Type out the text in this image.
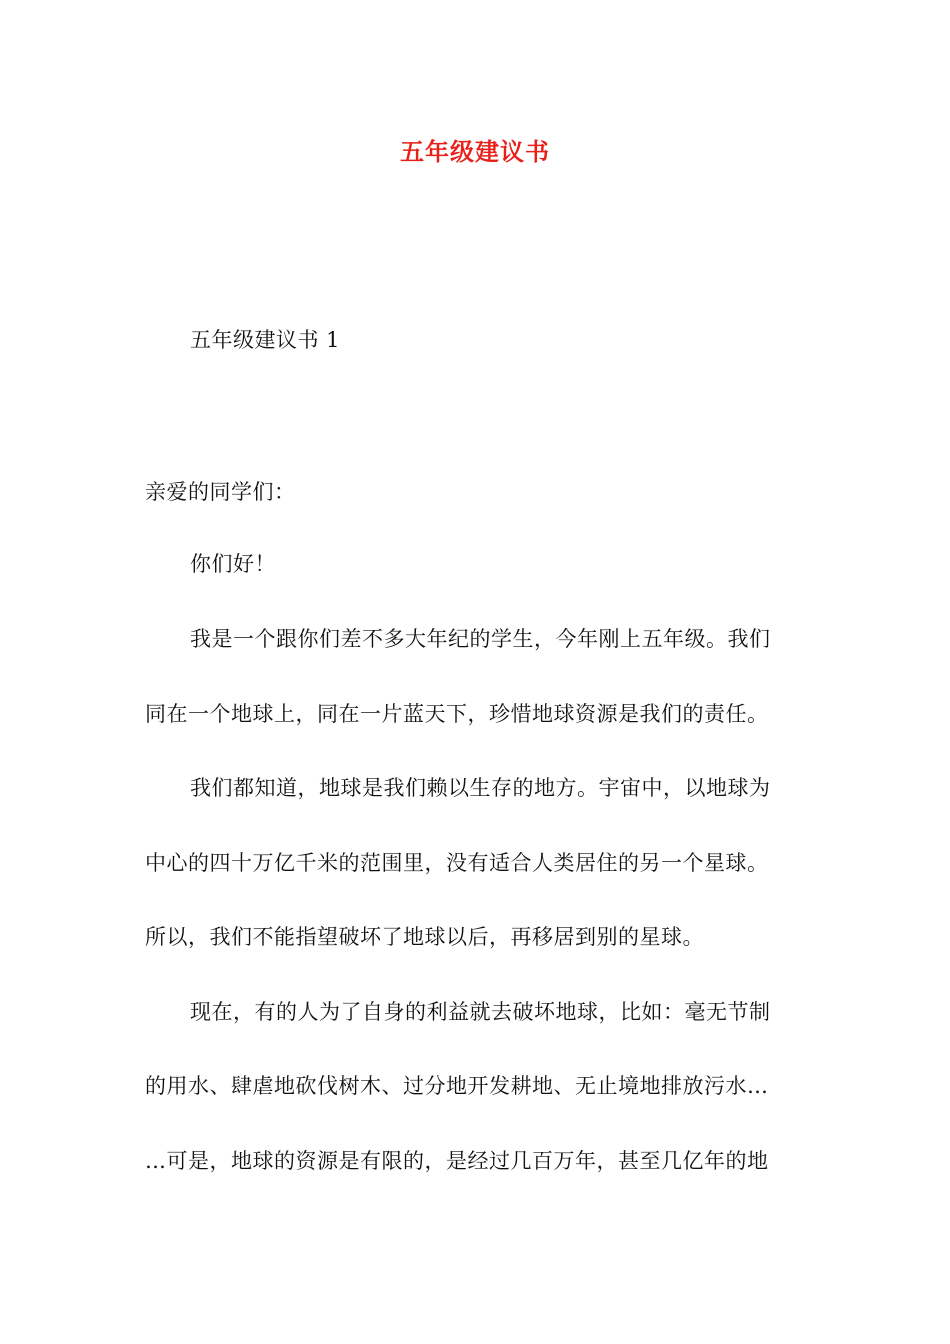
五年级建议书
五年级建议书 1
亲爱的同学们：
你们好！
我是一个跟你们差不多大年纪的学生，今年刚上五年级。我们
同在一个地球上，同在一片蓝天下，珍惜地球资源是我们的责任。
我们都知道，地球是我们赖以生存的地方。宇宙中，以地球为
中心的四十万亿千米的范围里，没有适合人类居住的另一个星球。
所以，我们不能指望破坏了地球以后，再移居到别的星球。
现在，有的人为了自身的利益就去破坏地球，比如：毫无节制
的用水、肆虐地砍伐树木、过分地开发耕地、无止境地排放污水…
…可是，地球的资源是有限的，是经过几百万年，甚至几亿年的地
